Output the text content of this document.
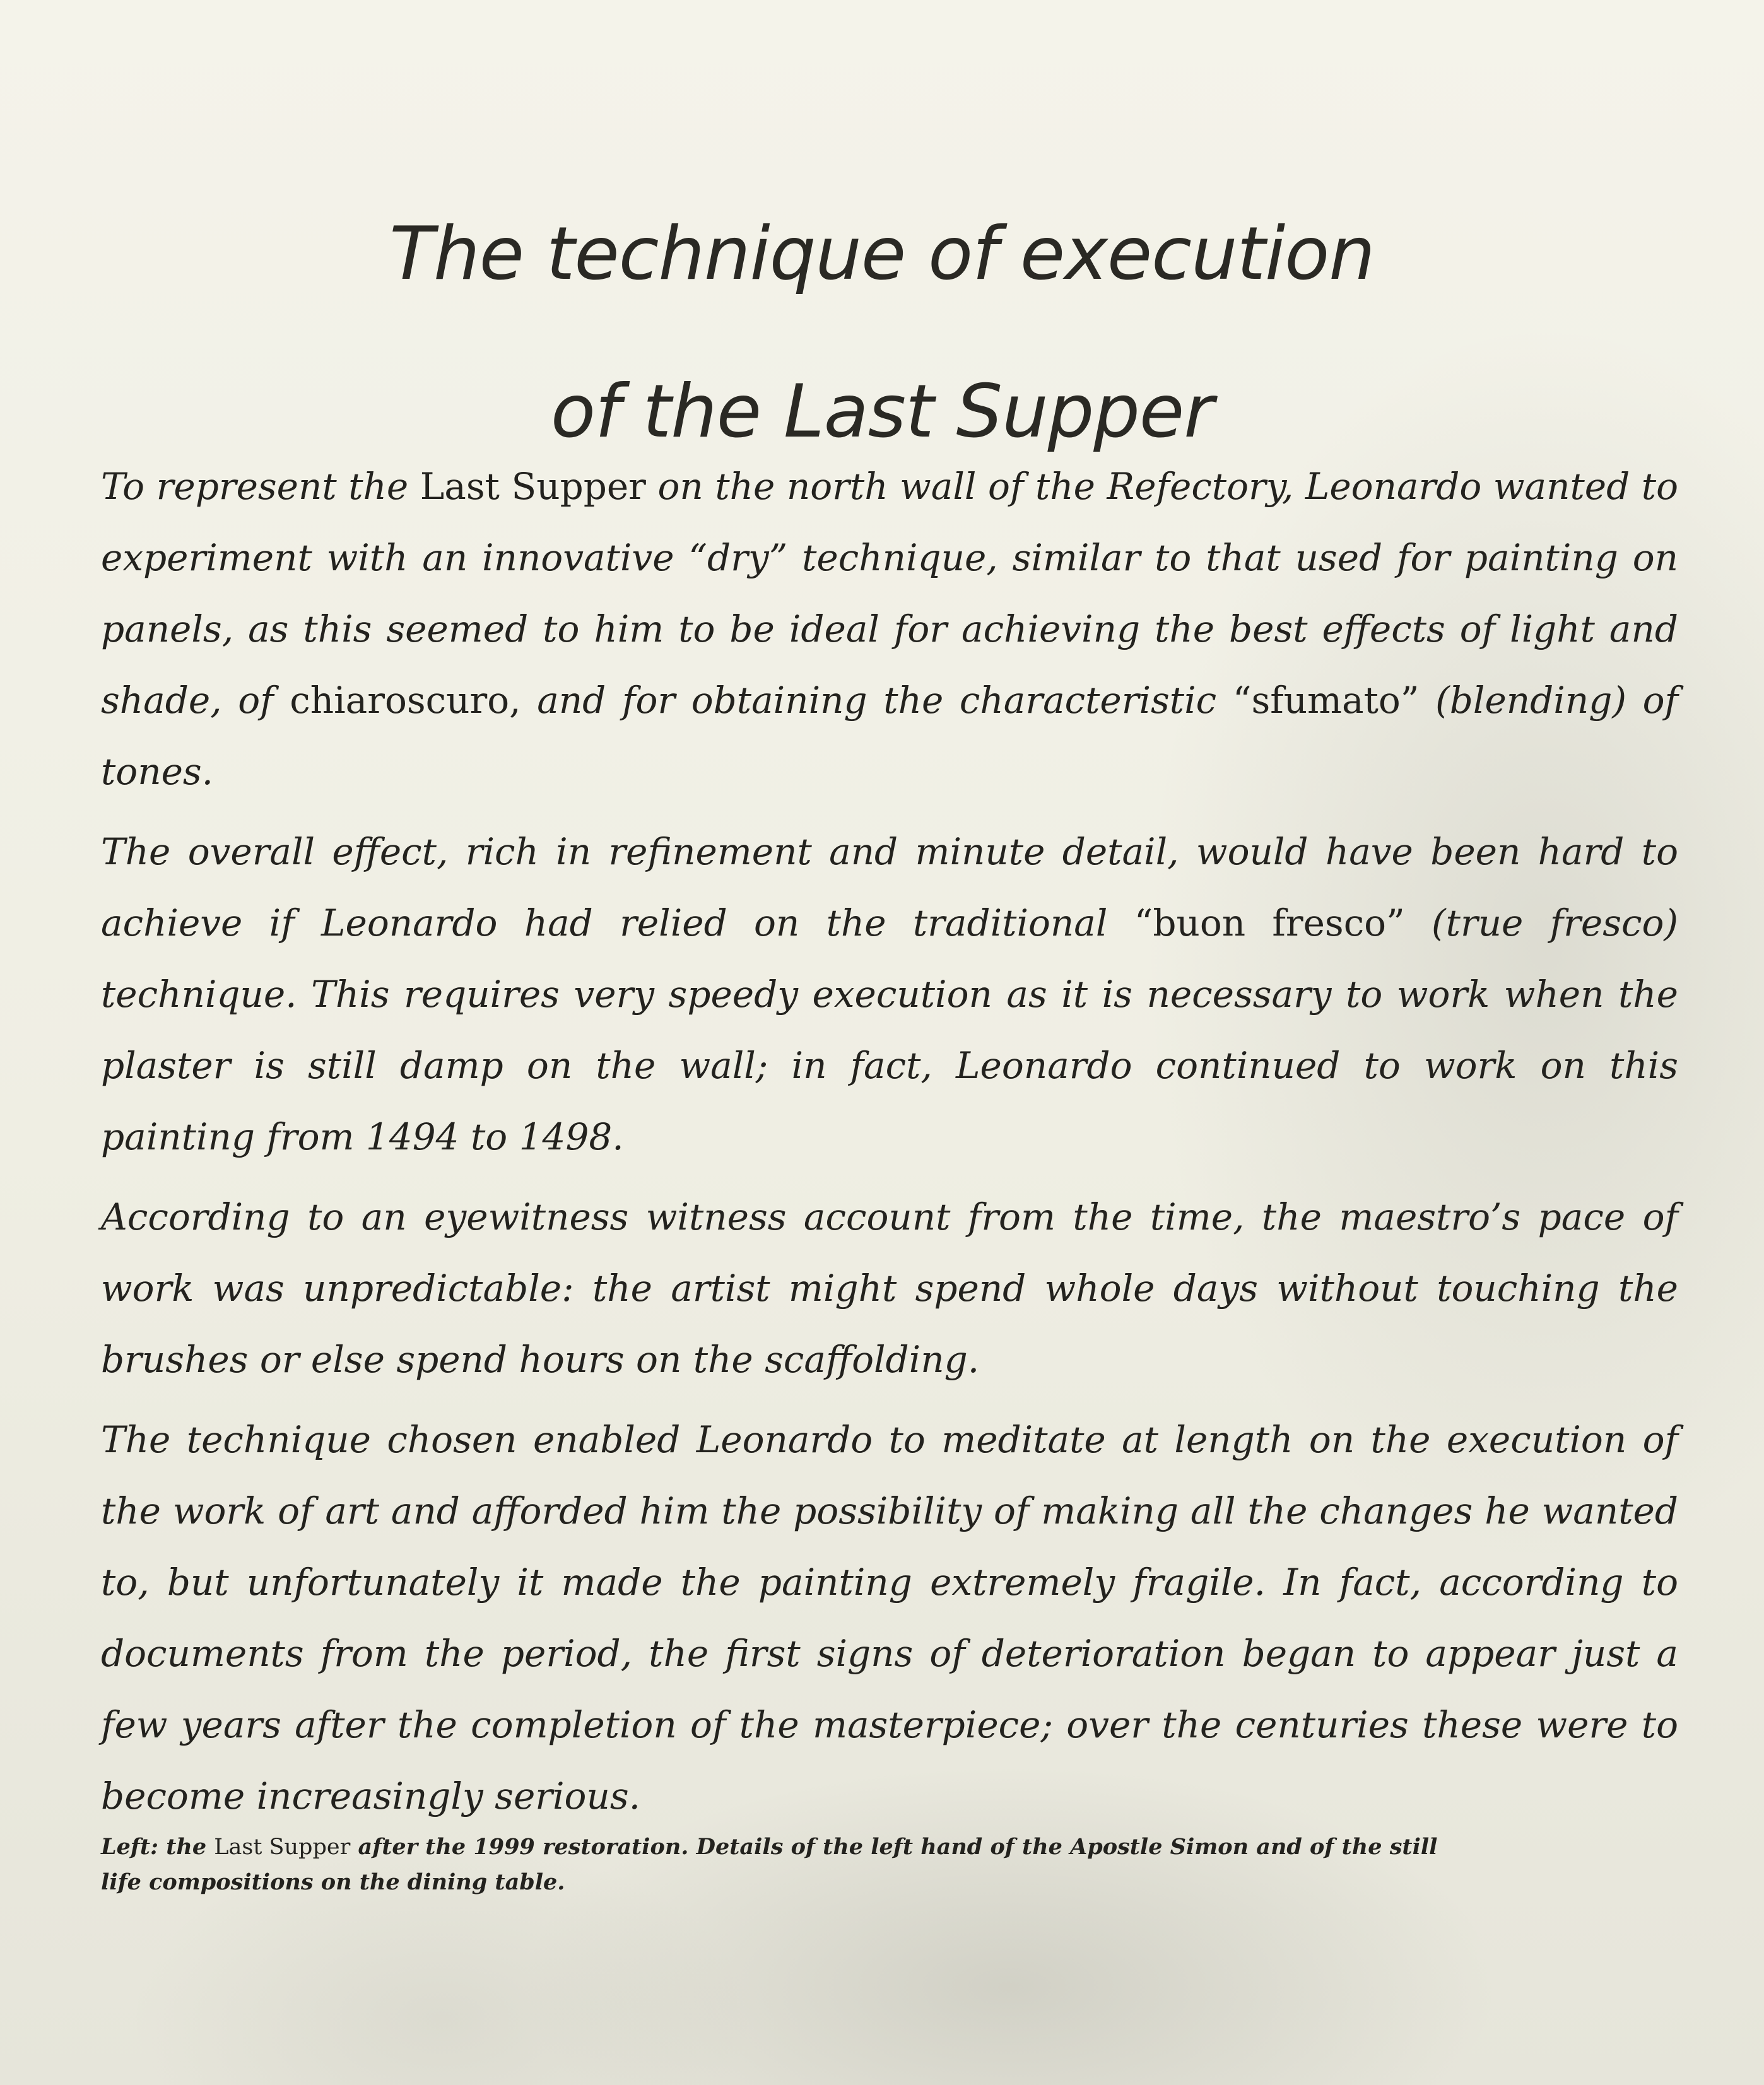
The technique of execution
of the Last Supper

To represent the Last Supper on the north wall of the Refectory, Leonardo wanted to experiment with an innovative “dry” technique, similar to that used for painting on panels, as this seemed to him to be ideal for achieving the best effects of light and shade, of chiaroscuro, and for obtaining the characteristic “sfumato” (blending) of tones.

The overall effect, rich in refinement and minute detail, would have been hard to achieve if Leonardo had relied on the traditional “buon fresco” (true fresco) technique. This requires very speedy execution as it is necessary to work when the plaster is still damp on the wall; in fact, Leonardo continued to work on this painting from 1494 to 1498.

According to an eyewitness witness account from the time, the maestro’s pace of work was unpredictable: the artist might spend whole days without touching the brushes or else spend hours on the scaffolding.

The technique chosen enabled Leonardo to meditate at length on the execution of the work of art and afforded him the possibility of making all the changes he wanted to, but unfortunately it made the painting extremely fragile. In fact, according to documents from the period, the first signs of deterioration began to appear just a few years after the completion of the masterpiece; over the centuries these were to become increasingly serious.

Left: the Last Supper after the 1999 restoration. Details of the left hand of the Apostle Simon and of the still life compositions on the dining table.
